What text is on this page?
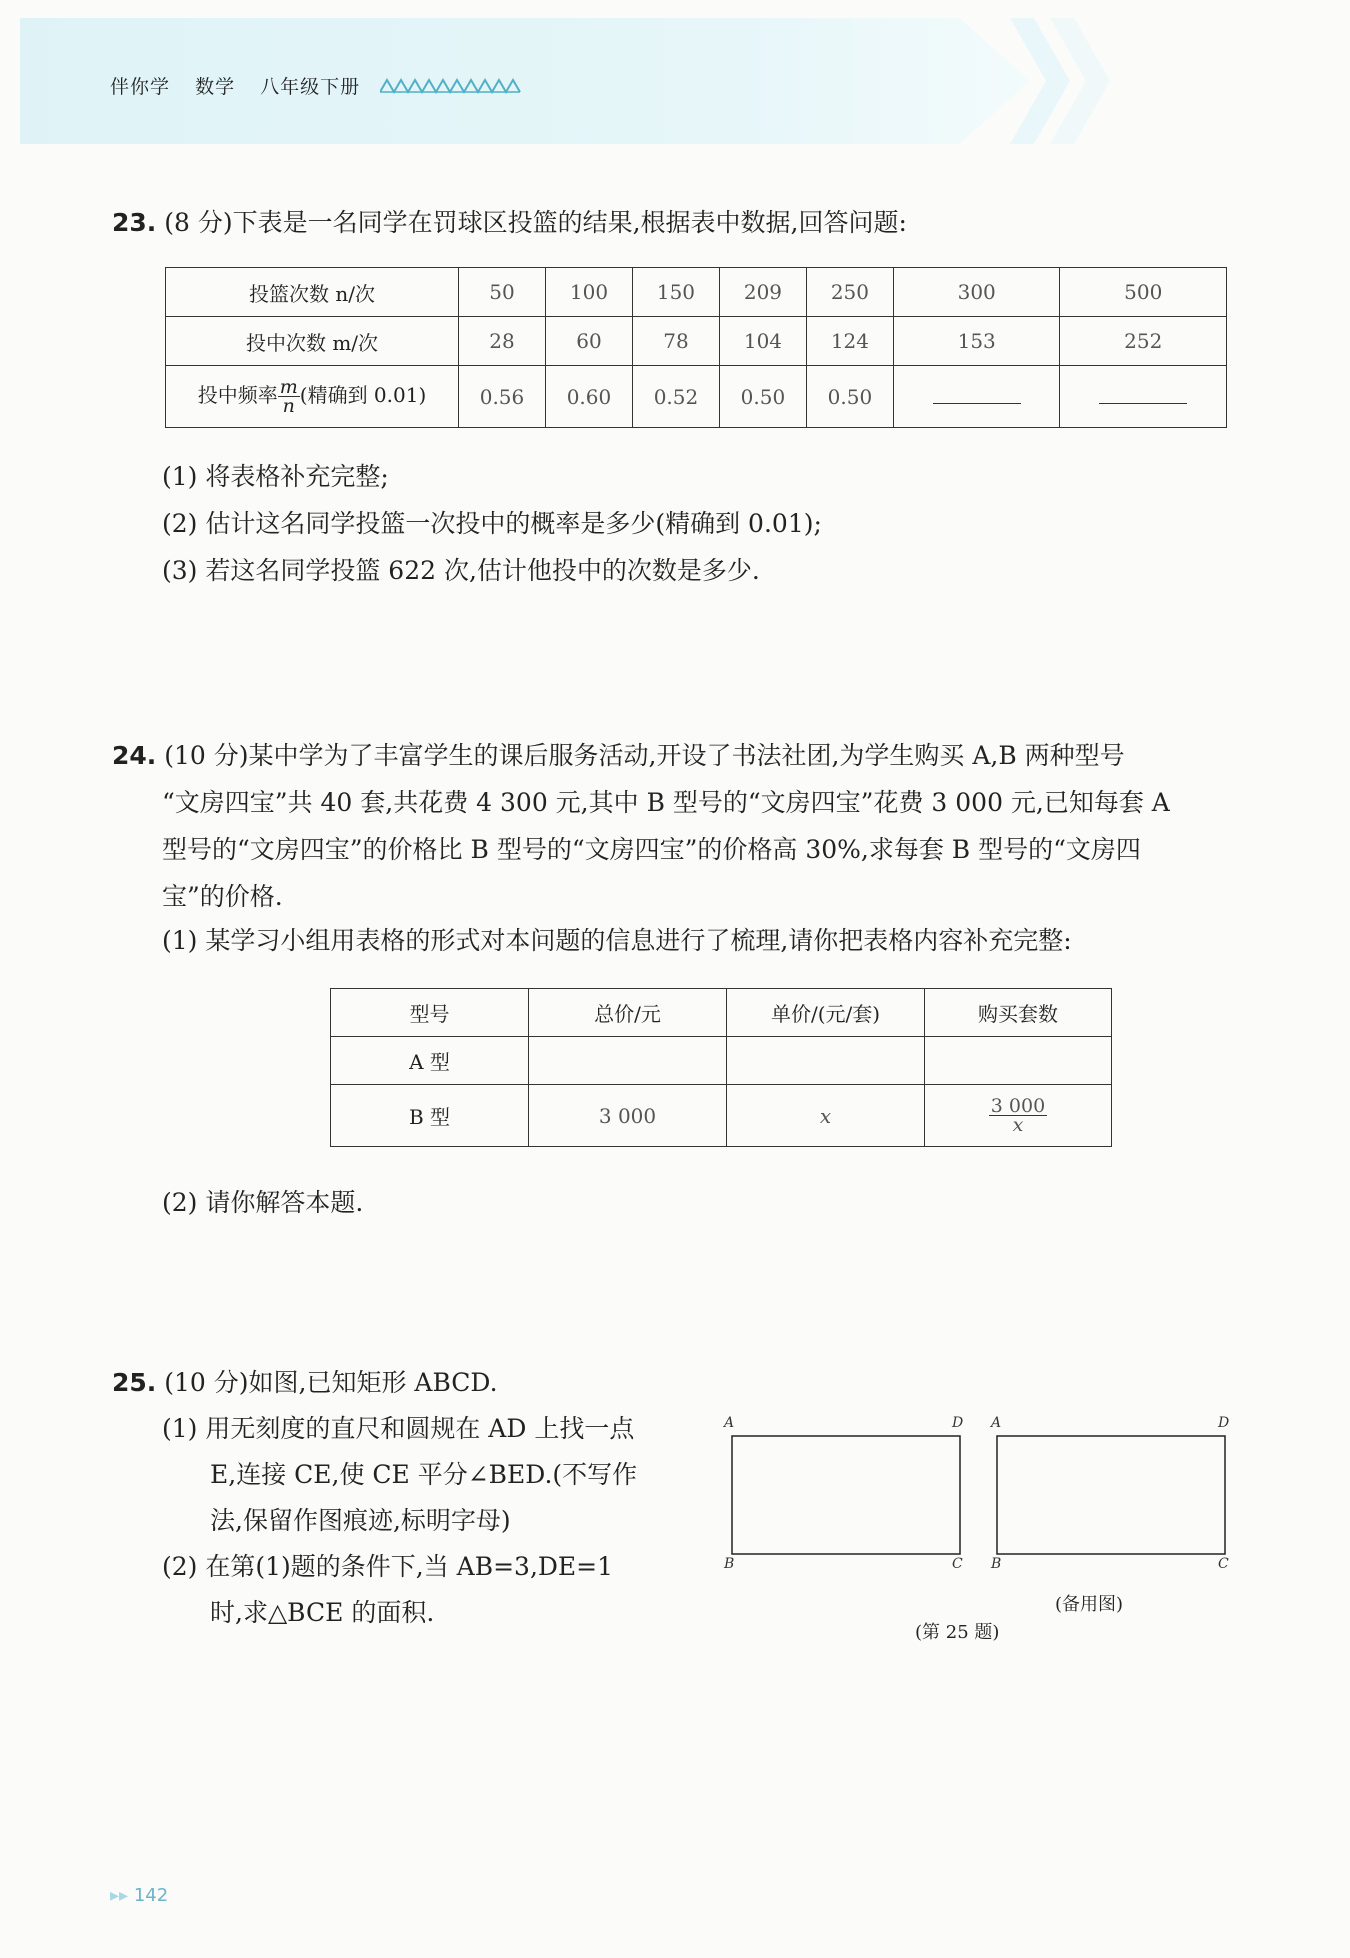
伴你学 数学 八年级下册
23. (8 分)下表是一名同学在罚球区投篮的结果,根据表中数据,回答问题:
投篮次数 n/次	50	100	150	209	250	300	500
投中次数 m/次	28	60	78	104	124	153	252
投中频率 $\frac{m}{n}$ (精确到 0.01)	0.56	0.60	0.52	0.50	0.50		
(1) 将表格补充完整;
(2) 估计这名同学投篮一次投中的概率是多少(精确到 0.01);
(3) 若这名同学投篮 622 次,估计他投中的次数是多少.
24. (10 分)某中学为了丰富学生的课后服务活动,开设了书法社团,为学生购买 A,B 两种型号
“文房四宝”共 40 套,共花费 4 300 元,其中 B 型号的“文房四宝”花费 3 000 元,已知每套 A
型号的“文房四宝”的价格比 B 型号的“文房四宝”的价格高 30%,求每套 B 型号的“文房四
宝”的价格.
(1) 某学习小组用表格的形式对本问题的信息进行了梳理,请你把表格内容补充完整:
型号	总价/元	单价/(元/套)	购买套数
A 型			
B 型	3 000	x	$\frac{3 000}{x}$
(2) 请你解答本题.
25. (10 分)如图,已知矩形 ABCD.
(1) 用无刻度的直尺和圆规在 AD 上找一点
E,连接 CE,使 CE 平分∠BED.(不写作
法,保留作图痕迹,标明字母)
(2) 在第(1)题的条件下,当 AB=3,DE=1
时,求△BCE 的面积.
A	D
B	C
A	D
B	C
(备用图)
(第 25 题)
▸▸ 142
